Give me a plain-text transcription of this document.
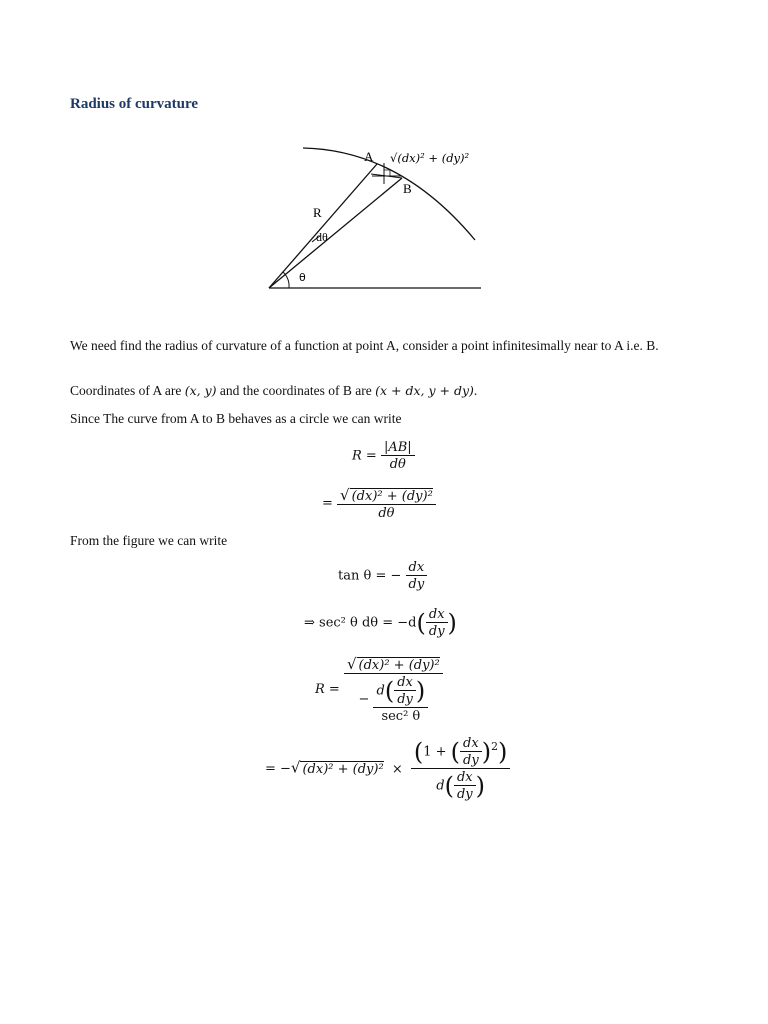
Radius of curvature
A
B
R
dθ
θ
√(dx)² + (dy)²
We need find the radius of curvature of a function at point A, consider a point infinitesimally near to A i.e. B.
Coordinates of A are (x, y) and the coordinates of B are (x + dx, y + dy).
Since The curve from A to B behaves as a circle we can write
$R = \frac{|AB|}{d\theta}$
= $\frac{\text{√ (dx)² + (dy)²}}{d\theta}$
From the figure we can write
tan θ = − $\frac{dx}{dy}$
⇒ sec² θ $d\theta = -d( \frac{dx}{dy}$ )
$R = \frac{\text{√ (dx)² + (dy)²}}{- \frac{d( \frac{dx}{dy} )}{\text{sec² θ}}}$
= −√ $(dx)^2 + (dy)^2 \times \frac{(1 + ( \frac{dx}{dy} )^2)}{d( \frac{dx}{dy} )}$
